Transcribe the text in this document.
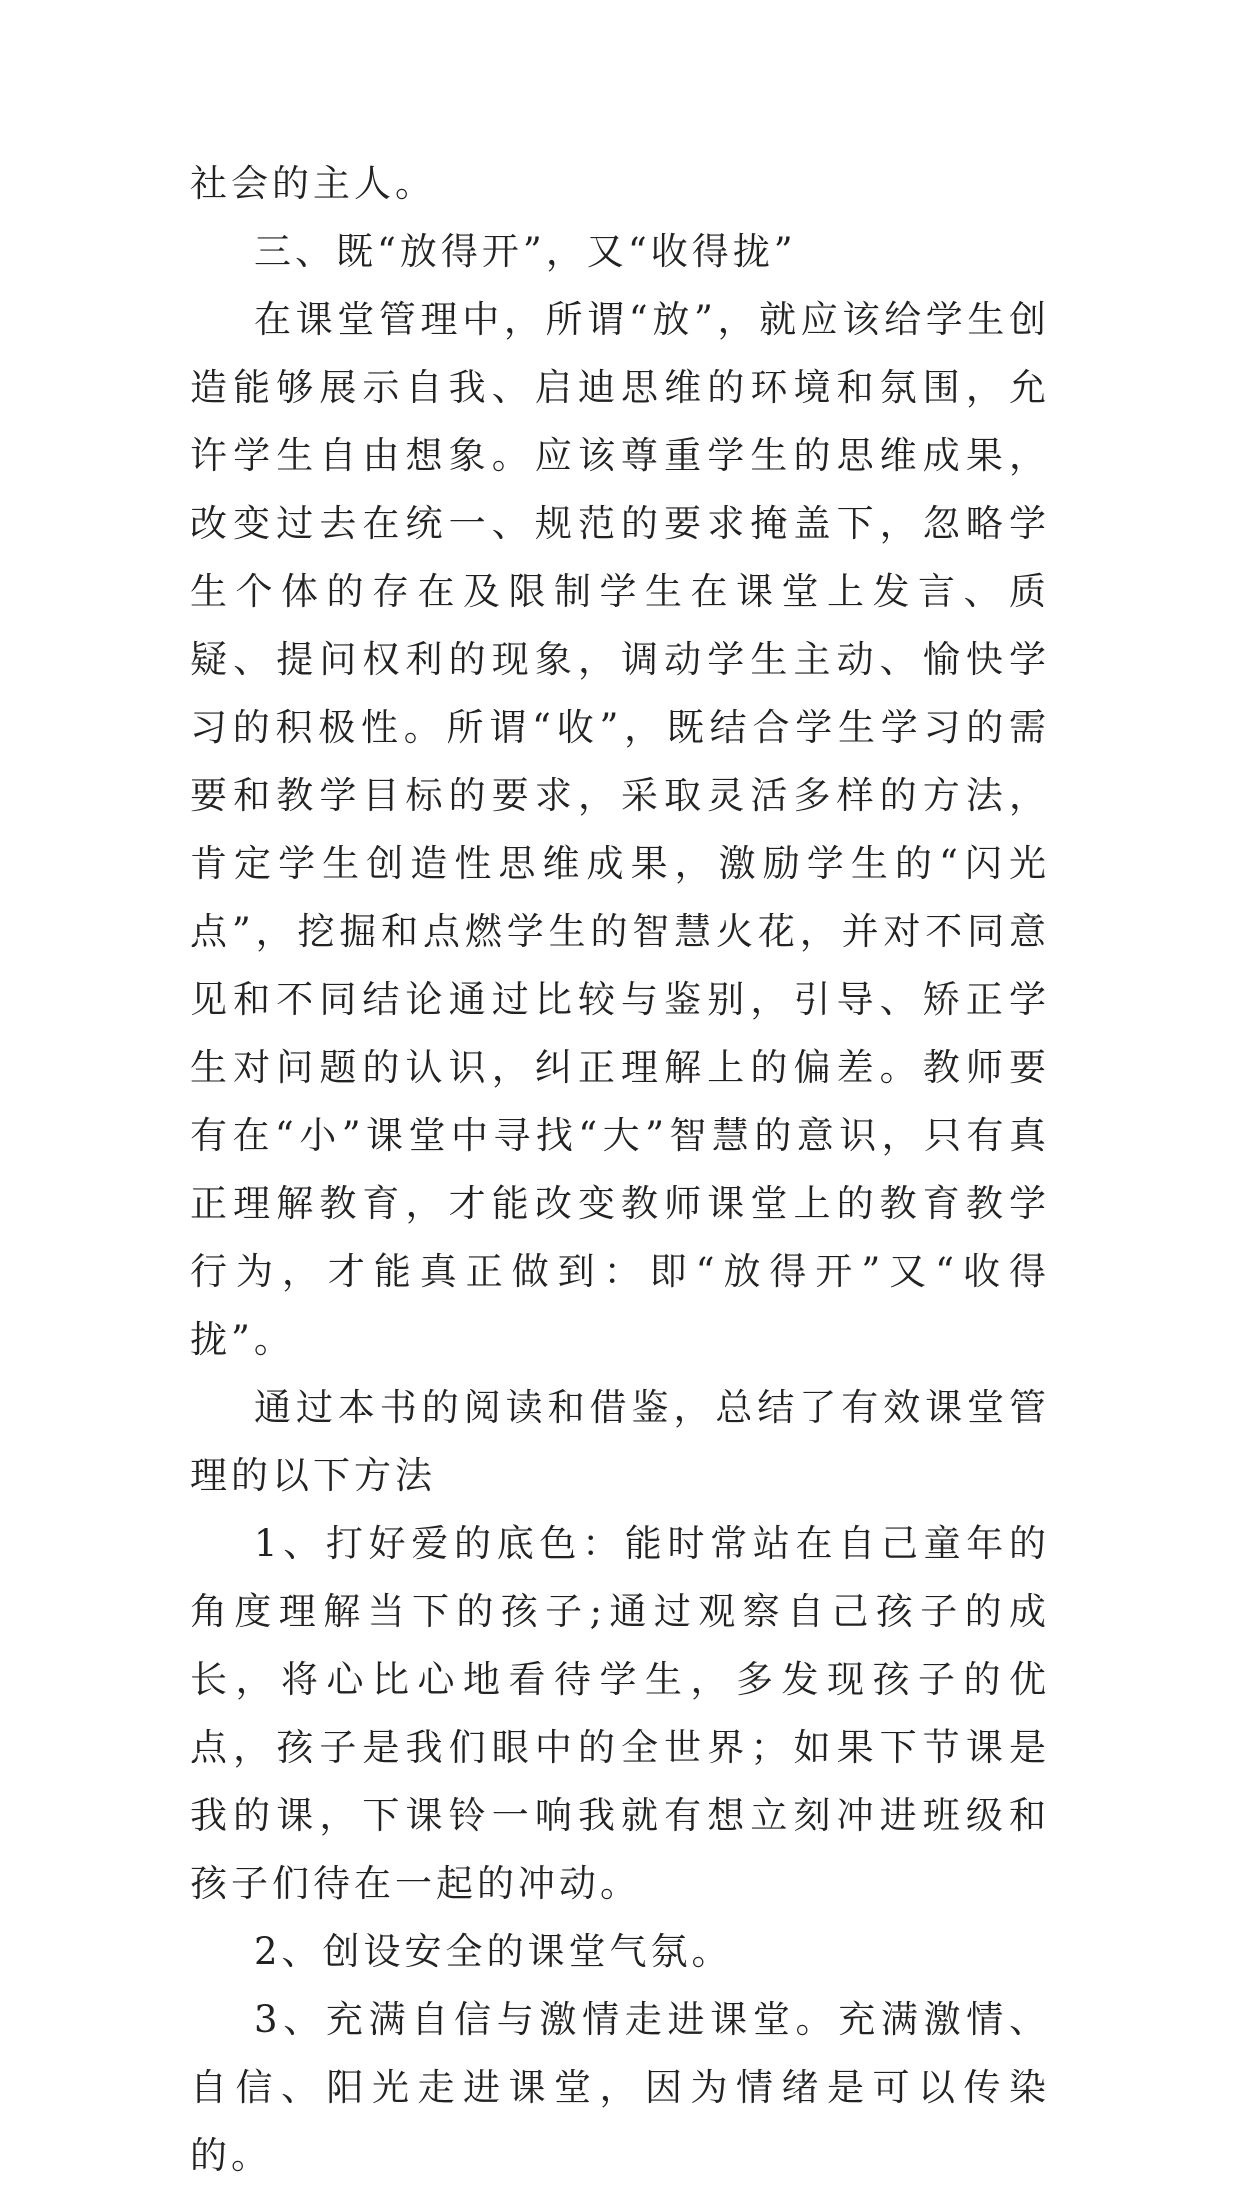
社会的主人。

三、既“放得开”，又“收得拢”

在课堂管理中，所谓“放”，就应该给学生创造能够展示自我、启迪思维的环境和氛围，允许学生自由想象。应该尊重学生的思维成果，改变过去在统一、规范的要求掩盖下，忽略学生个体的存在及限制学生在课堂上发言、质疑、提问权利的现象，调动学生主动、愉快学习的积极性。所谓“收”，既结合学生学习的需要和教学目标的要求，采取灵活多样的方法，肯定学生创造性思维成果，激励学生的“闪光点”，挖掘和点燃学生的智慧火花，并对不同意见和不同结论通过比较与鉴别，引导、矫正学生对问题的认识，纠正理解上的偏差。教师要有在“小”课堂中寻找“大”智慧的意识，只有真正理解教育，才能改变教师课堂上的教育教学行为，才能真正做到：即“放得开”又“收得拢”。

通过本书的阅读和借鉴，总结了有效课堂管理的以下方法

1、打好爱的底色：能时常站在自己童年的角度理解当下的孩子;通过观察自己孩子的成长，将心比心地看待学生，多发现孩子的优点，孩子是我们眼中的全世界；如果下节课是我的课，下课铃一响我就有想立刻冲进班级和孩子们待在一起的冲动。

2、创设安全的课堂气氛。

3、充满自信与激情走进课堂。充满激情、自信、阳光走进课堂，因为情绪是可以传染的。
